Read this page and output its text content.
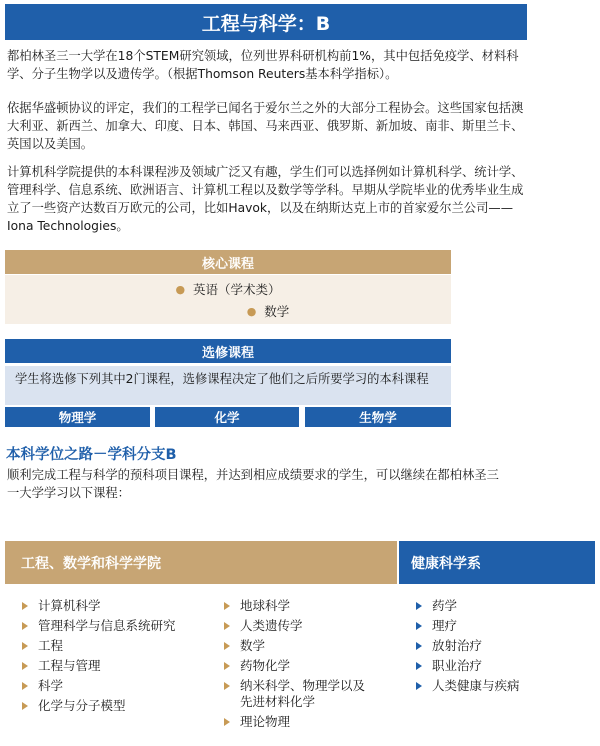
工程与科学：B

都柏林圣三一大学在18个STEM研究领域，位列世界科研机构前1%，其中包括免疫学、材料科学、分子生物学以及遗传学。（根据Thomson Reuters基本科学指标）。

依据华盛顿协议的评定，我们的工程学已闻名于爱尔兰之外的大部分工程协会。这些国家包括澳大利亚、新西兰、加拿大、印度、日本、韩国、马来西亚、俄罗斯、新加坡、南非、斯里兰卡、英国以及美国。

计算机科学院提供的本科课程涉及领域广泛又有趣，学生们可以选择例如计算机科学、统计学、管理科学、信息系统、欧洲语言、计算机工程以及数学等学科。早期从学院毕业的优秀毕业生成立了一些资产达数百万欧元的公司，比如Havok，以及在纳斯达克上市的首家爱尔兰公司——Iona Technologies。

核心课程
● 英语（学术类）
● 数学
选修课程
学生将选修下列其中2门课程，选修课程决定了他们之后所要学习的本科课程
物理学	化学	生物学
本科学位之路－学科分支B

顺利完成工程与科学的预科项目课程，并达到相应成绩要求的学生，可以继续在都柏林圣三一大学学习以下课程：

工程、数学和科学学院	健康科学系
计算机科学
管理科学与信息系统研究
工程
工程与管理
科学
化学与分子模型
地球科学
人类遗传学
数学
药物化学
纳米科学、物理学以及先进材料化学
理论物理
药学
理疗
放射治疗
职业治疗
人类健康与疾病
